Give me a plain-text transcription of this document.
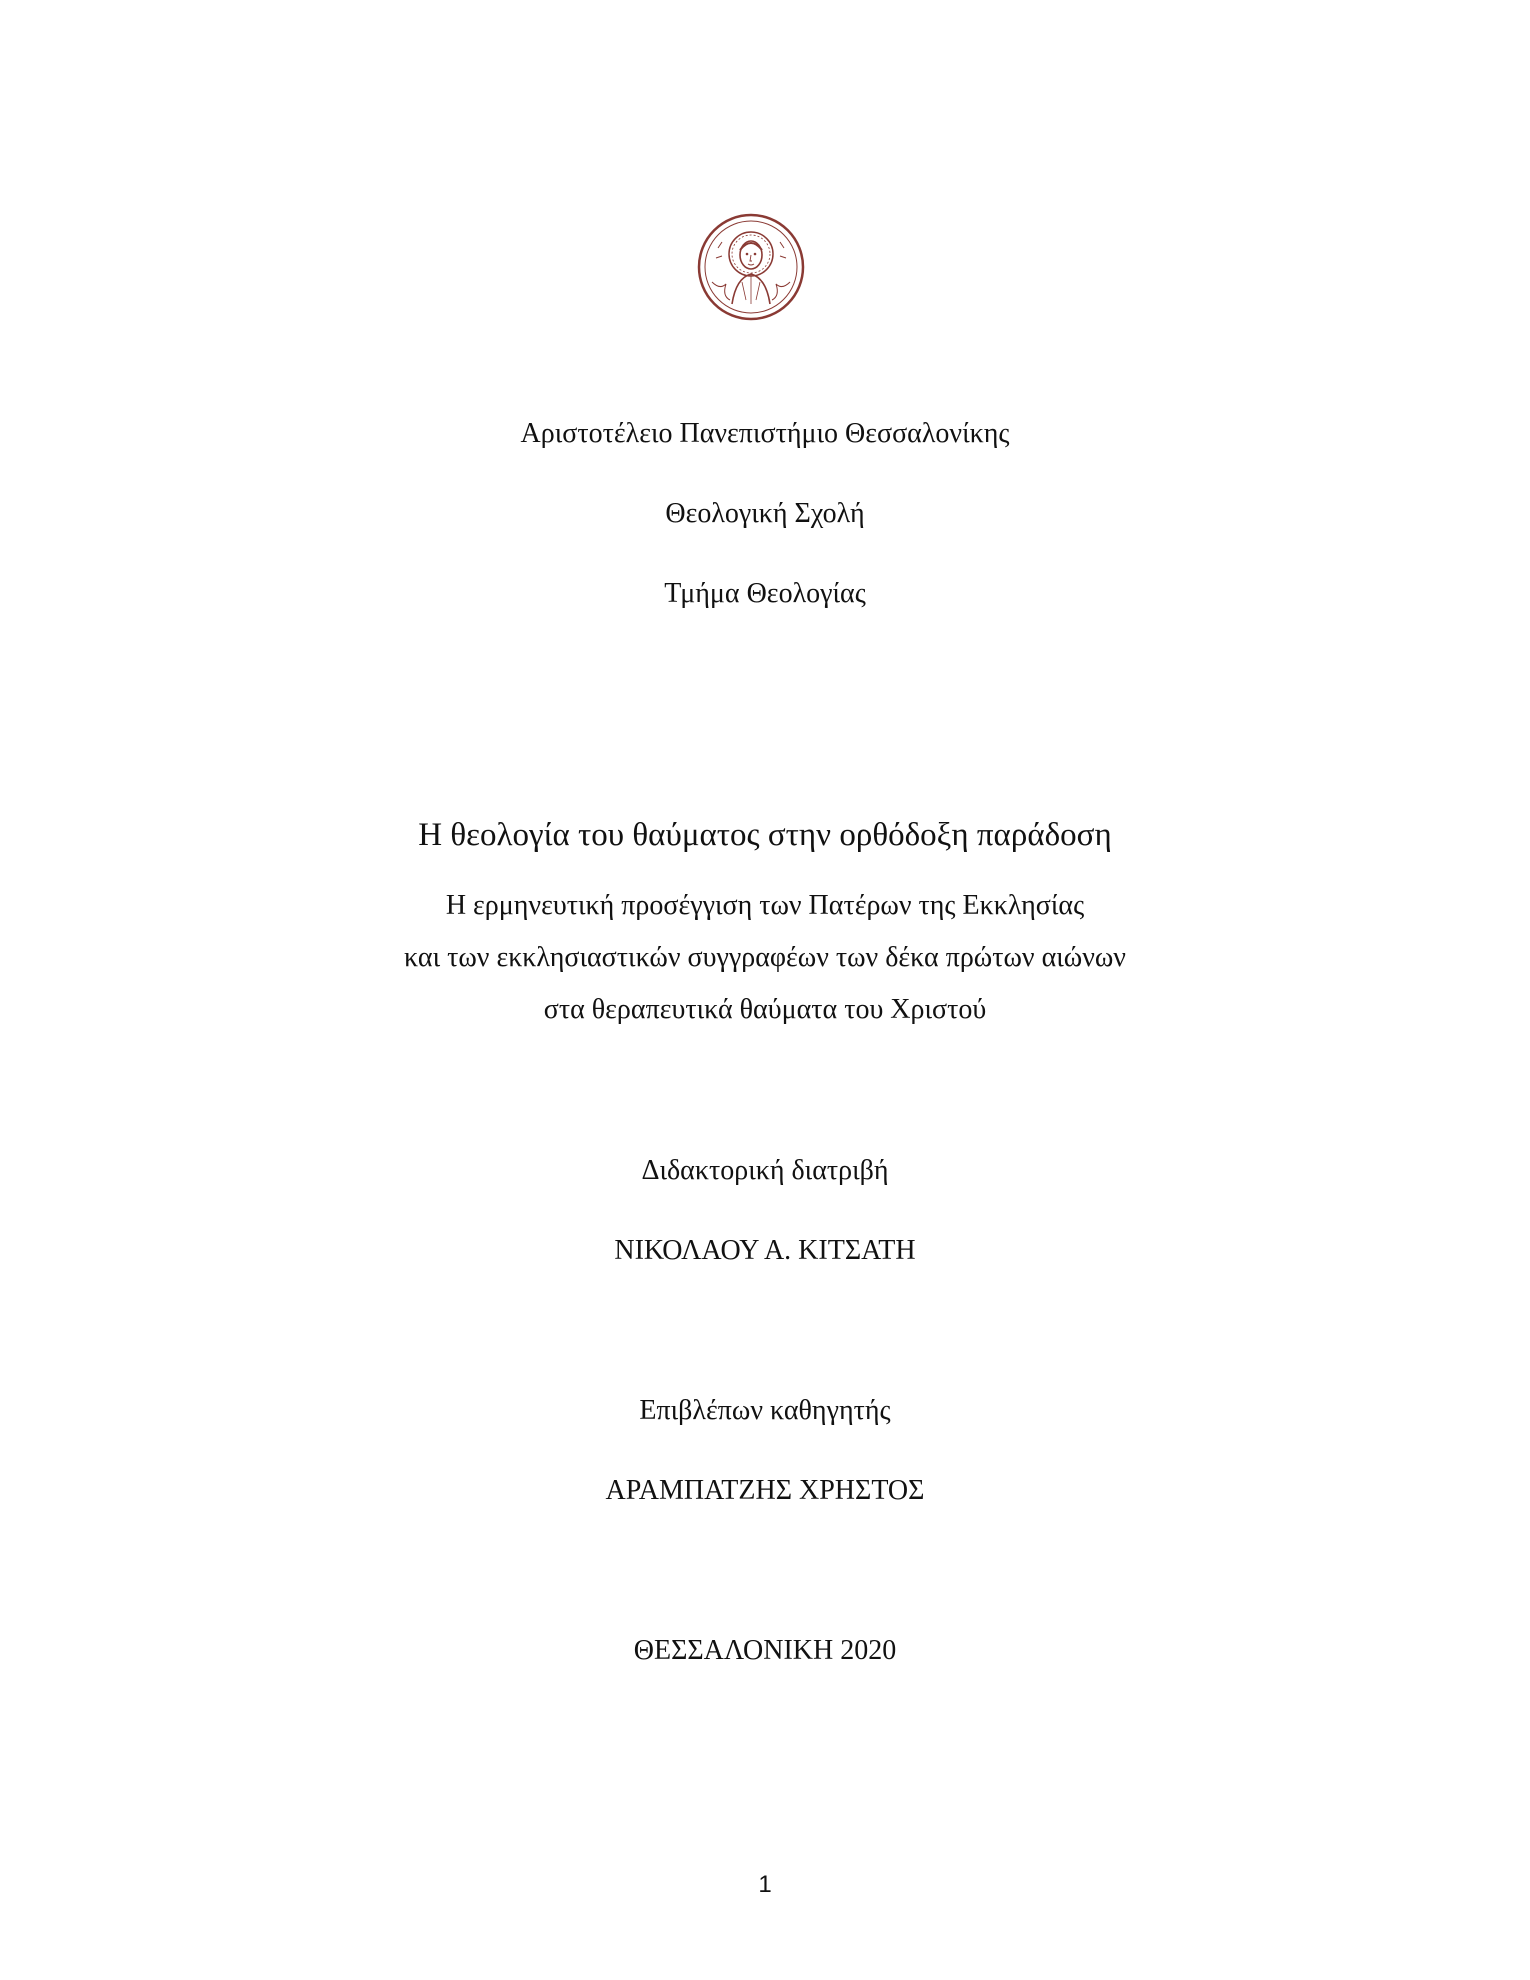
Αριστοτέλειο Πανεπιστήμιο Θεσσαλονίκης
Θεολογική Σχολή
Τμήμα Θεολογίας
Η θεολογία του θαύματος στην ορθόδοξη παράδοση
Η ερμηνευτική προσέγγιση των Πατέρων της Εκκλησίας
και των εκκλησιαστικών συγγραφέων των δέκα πρώτων αιώνων
στα θεραπευτικά θαύματα του Χριστού
Διδακτορική διατριβή
ΝΙΚΟΛΑΟΥ Α. ΚΙΤΣΑΤΗ
Επιβλέπων καθηγητής
ΑΡΑΜΠΑΤΖΗΣ ΧΡΗΣΤΟΣ
ΘΕΣΣΑΛΟΝΙΚΗ 2020
1
